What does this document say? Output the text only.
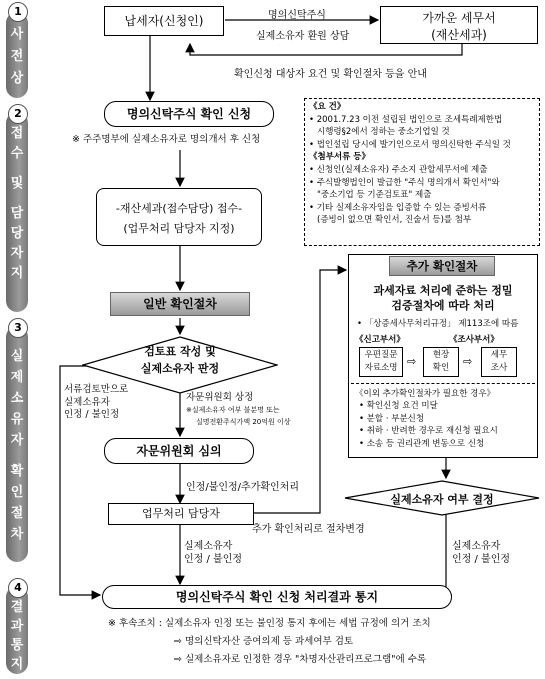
1
사
전
상
2
접
수
및
담
당
자
지
3
실
제
소
유
자
확
인
절
차
4
결
과
통
지
납세자(신청인)	명의신탁주식
실제소유자 환원 상담
가까운 세무서
(재산세과)
확인신청 대상자 요건 및 확인절차 등을 안내
명의신탁주식 확인 신청
※ 주주명부에 실제소유자로 명의개서 후 신청
《요 건》
• 2001.7.23 이전 설립된 법인으로 조세특례제한법
시행령§2에서 정하는 중소기업일 것
• 법인설립 당시에 발기인으로서 명의신탁한 주식일 것
《첨부서류 등》
• 신청인(실제소유자) 주소지 관할세무서에 제출
• 주식발행법인이 발급한 "주식 명의개서 확인서"와
"중소기업 등 기준검토표" 제출
• 기타 실제소유자임을 입증할 수 있는 증빙서류
(증빙이 없으면 확인서, 진술서 등)를 첨부
-재산세과(접수담당) 접수-
(업무처리 담당자 지정)
일반 확인절차
검토표 작성 및
실제소유자 판정
서류검토만으로
실제소유자
인정 / 불인정
자문위원회 상정
※실제소유자 여부 불분명 또는
실명전환주식가액 20억원 이상
자문위원회 심의
인정/불인정/추가확인처리
업무처리 담당자
추가 확인처리로 절차변경
실제소유자
인정 / 불인정
추가 확인절차
과세자료 처리에 준하는 정밀
검증절차에 따라 처리
• 「상증세사무처리규정」 제113조에 따름
《신고부서》	《조사부서》
우편질문
자료소명 ⇨	현장
확인	⇨	세무
조사
《이외 추가확인절차가 필요한 경우》
• 확인신청 요건 미달
• 분할 · 부분신청
• 취하 · 반려한 경우로 재신청 필요시
• 소송 등 권리관계 변동으로 신청
실제소유자 여부 결정
실제소유자
인정 / 불인정
명의신탁주식 확인 신청 처리결과 통지
※ 후속조치 : 실제소유자 인정 또는 불인정 통지 후에는 세법 규정에 의거 조치
⇨ 명의신탁자산 증여의제 등 과세여부 검토
⇨ 실제소유자로 인정한 경우 "차명자산관리프로그램"에 수록
